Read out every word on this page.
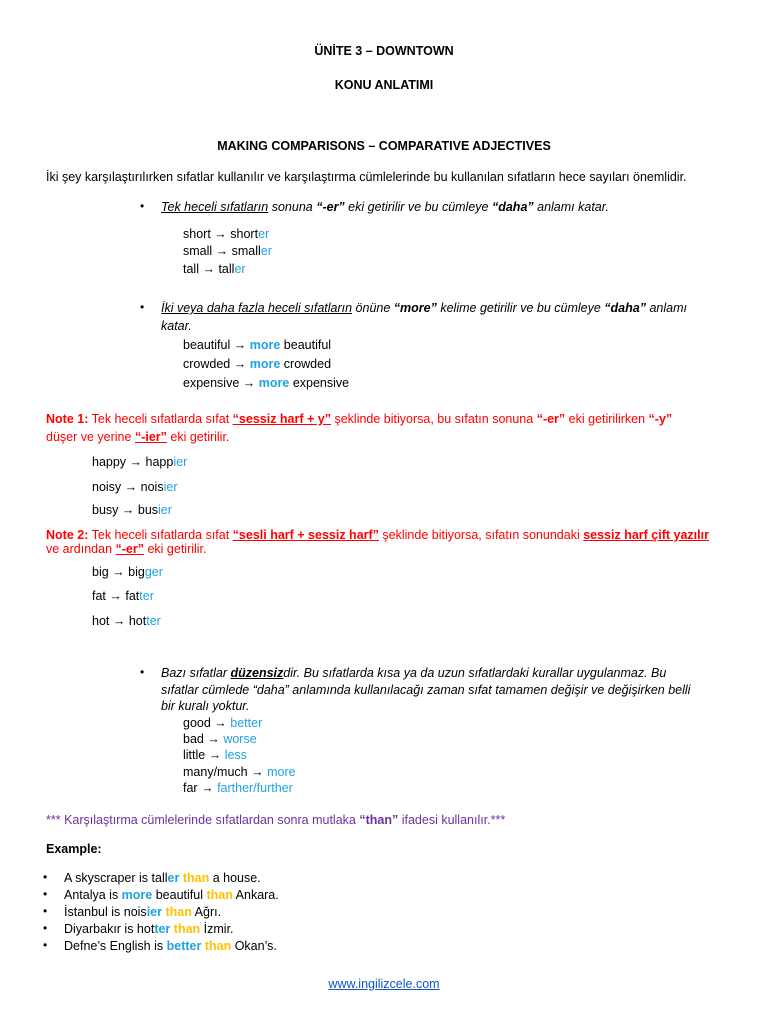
ÜNİTE 3 – DOWNTOWN
KONU ANLATIMI
MAKING COMPARISONS – COMPARATIVE ADJECTIVES
İki şey karşılaştırılırken sıfatlar kullanılır ve karşılaştırma cümlelerinde bu kullanılan sıfatların hece sayıları önemlidir.
• Tek heceli sıfatların sonuna “-er” eki getirilir ve bu cümleye “daha” anlamı katar.
short → shorter
small → smaller
tall → taller
• İki veya daha fazla heceli sıfatların önüne “more” kelime getirilir ve bu cümleye “daha” anlamı
katar.
beautiful → more beautiful
crowded → more crowded
expensive → more expensive
Note 1: Tek heceli sıfatlarda sıfat “sessiz harf + y” şeklinde bitiyorsa, bu sıfatın sonuna “-er” eki getirilirken “-y”
düşer ve yerine “-ier” eki getirilir.
happy → happier
noisy → noisier
busy → busier
Note 2: Tek heceli sıfatlarda sıfat “sesli harf + sessiz harf” şeklinde bitiyorsa, sıfatın sonundaki sessiz harf çift yazılır
ve ardından “-er” eki getirilir.
big → bigger
fat → fatter
hot → hotter
• Bazı sıfatlar düzensizdir. Bu sıfatlarda kısa ya da uzun sıfatlardaki kurallar uygulanmaz. Bu
sıfatlar cümlede “daha” anlamında kullanılacağı zaman sıfat tamamen değişir ve değişirken belli
bir kuralı yoktur.
good → better
bad → worse
little → less
many/much → more
far → farther/further
*** Karşılaştırma cümlelerinde sıfatlardan sonra mutlaka “than” ifadesi kullanılır.***
Example:
• A skyscraper is taller than a house.
• Antalya is more beautiful than Ankara.
• İstanbul is noisier than Ağrı.
• Diyarbakır is hotter than İzmir.
• Defne’s English is better than Okan’s.
www.ingilizcele.com
